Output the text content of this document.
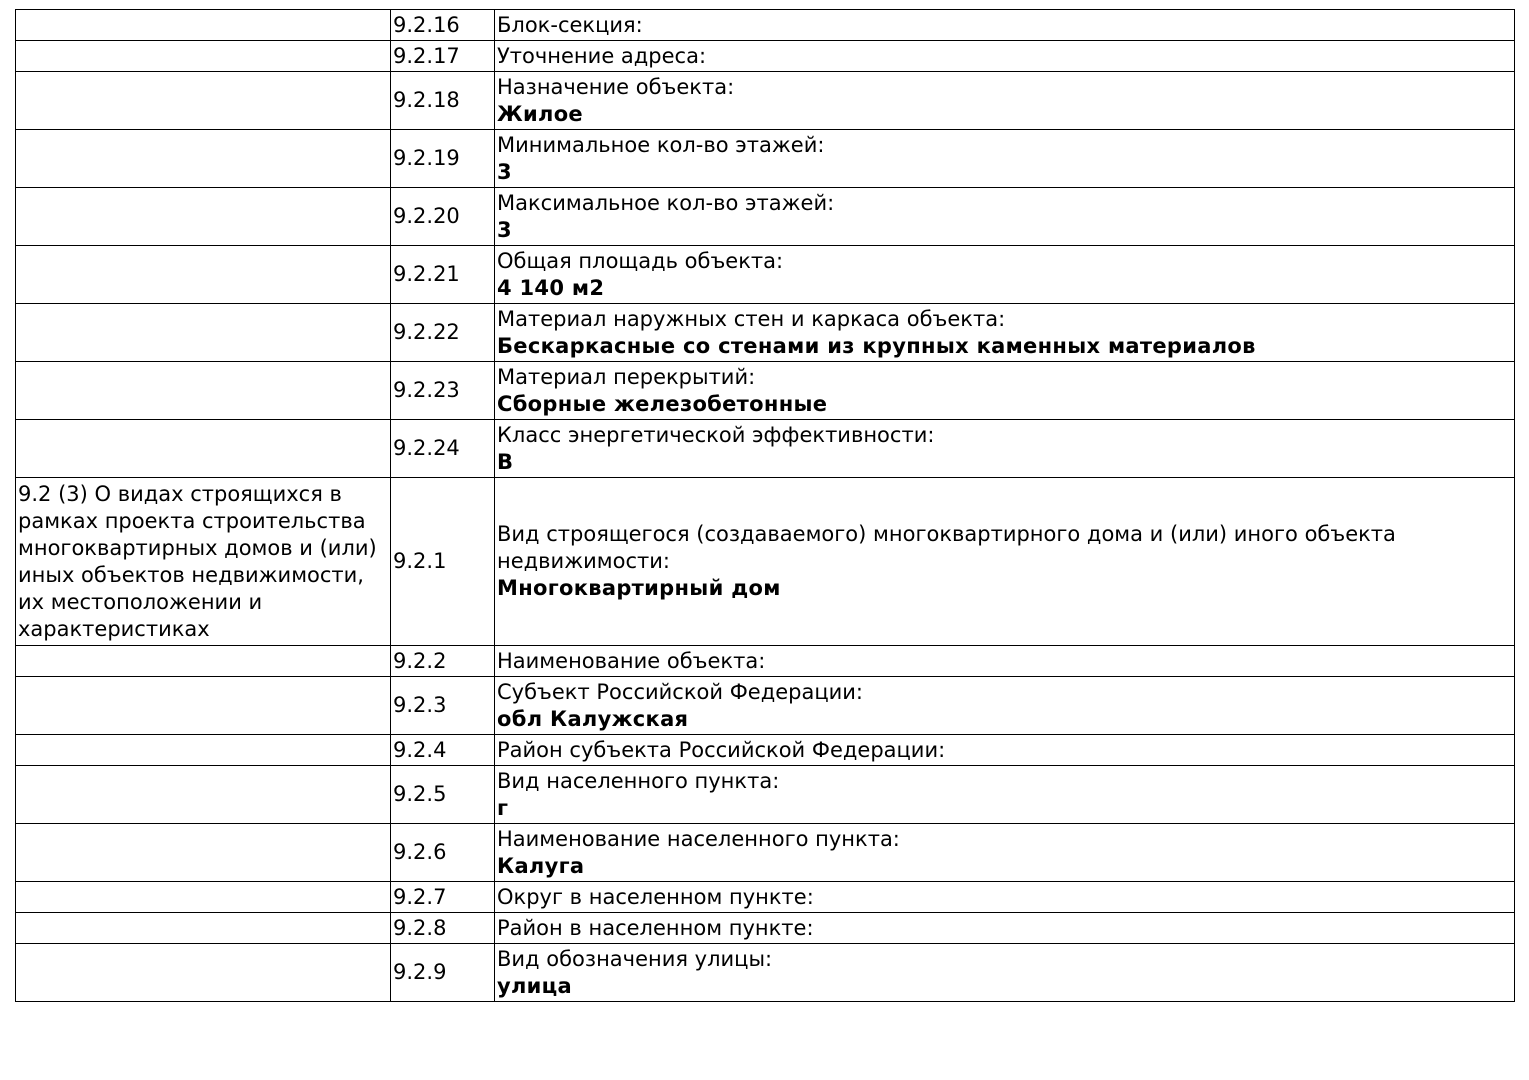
	9.2.16	Блок-секция:

	9.2.17	Уточнение адреса:

	9.2.18	Назначение объекта:
Жилое

	9.2.19	Минимальное кол-во этажей:
3

	9.2.20	Максимальное кол-во этажей:
3

	9.2.21	Общая площадь объекта:
4 140 м2

	9.2.22	Материал наружных стен и каркаса объекта:
Бескаркасные со стенами из крупных каменных материалов

	9.2.23	Материал перекрытий:
Сборные железобетонные

	9.2.24	Класс энергетической эффективности:
В

9.2 (3) О видах строящихся в рамках проекта строительства многоквартирных домов и (или) иных объектов недвижимости, их местоположении и характеристиках	9.2.1	Вид строящегося (создаваемого) многоквартирного дома и (или) иного объекта недвижимости:
Многоквартирный дом

	9.2.2	Наименование объекта:

	9.2.3	Субъект Российской Федерации:
обл Калужская

	9.2.4	Район субъекта Российской Федерации:

	9.2.5	Вид населенного пункта:
г

	9.2.6	Наименование населенного пункта:
Калуга

	9.2.7	Округ в населенном пункте:

	9.2.8	Район в населенном пункте:

	9.2.9	Вид обозначения улицы:
улица
